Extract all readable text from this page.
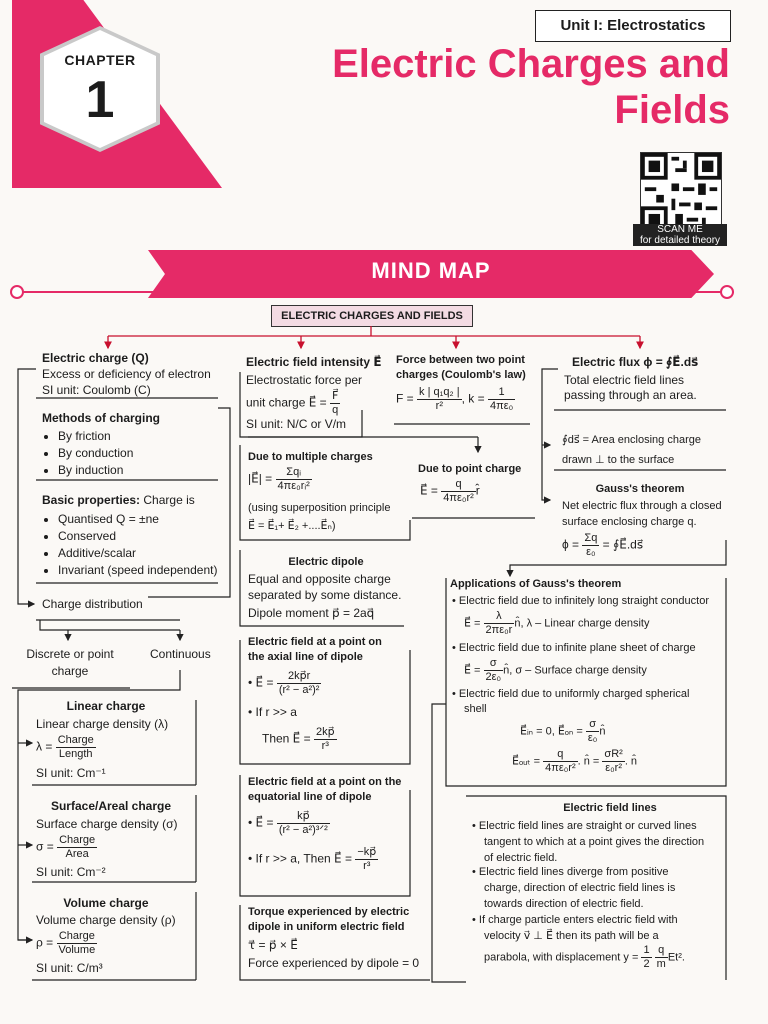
CHAPTER
1
Unit I: Electrostatics
Electric Charges and
Fields
SCAN ME
for detailed theory
MIND MAP
ELECTRIC CHARGES AND FIELDS
Electric charge (Q)
Excess or deficiency of electron
SI unit: Coulomb (C)
Methods of charging
• By friction
• By conduction
• By induction
Basic properties: Charge is
• Quantised Q = ±ne
• Conserved
• Additive/scalar
• Invariant (speed independent)
Charge distribution
Discrete or point
charge
Continuous
Linear charge
Linear charge density (λ)
$\lambda = \frac{\text{Charge}}{\text{Length}}$
SI unit: Cm⁻¹
Surface/Areal charge
Surface charge density (σ)
$\sigma = \frac{\text{Charge}}{\text{Area}}$
SI unit: Cm⁻²
Volume charge
Volume charge density (ρ)
$\rho = \frac{\text{Charge}}{\text{Volume}}$
SI unit: C/m³
Electric field intensity E⃗
Electrostatic force per
unit charge E⃗ = $\frac{F⃗}{q}$
SI unit: N/C or V/m
Force between two point
charges (Coulomb's law)
$F = \frac{\text{k | q₁q₂ |}}{\text{r²}}$ , $k = \frac{1}{\text{4πε₀}}$
Due to multiple charges
|E⃗| = $\frac{\text{Σqᵢ}}{\text{4πε₀rᵢ²}}$
(using superposition principle
E⃗ = E⃗₁+ E⃗₂ +....E⃗ₙ)
Due to point charge
E⃗ = $\frac{q}{\text{4πε₀r²}}$ r̂
Electric dipole
Equal and opposite charge
separated by some distance.
Dipole moment p⃗ = 2aq⃗
Electric field at a point on
the axial line of dipole
• E⃗ = $\frac{2kp⃗r}{\text{(r² − a²)²}}$
• If r >> a
Then E⃗ = $\frac{2kp⃗}{\text{r³}}$
Electric field at a point on the
equatorial line of dipole
• E⃗ = $\frac{kp⃗}{\text{(r² − a²)³ᐟ²}}$
• If r >> a, Then E⃗ = $\frac{-kp⃗}{\text{r³}}$
Torque experienced by electric
dipole in uniform electric field
τ⃗ = p⃗ × E⃗
Force experienced by dipole = 0
Electric flux ϕ = ∮E⃗.ds⃗
Total electric field lines
passing through an area.
∮ds⃗ = Area enclosing charge
drawn ⊥ to the surface
Gauss's theorem
Net electric flux through a closed
surface enclosing charge q.
$\phi = \frac{\Sigma q}{\text{ε₀}}$ = ∮E⃗.ds⃗
Applications of Gauss's theorem
• Electric field due to infinitely long straight conductor
E⃗ = $\frac{\lambda}{\text{2πε₀r}}$ n̂, λ – Linear charge density
• Electric field due to infinite plane sheet of charge
E⃗ = $\frac{\sigma}{\text{2ε₀}}$ n̂, σ – Surface charge density
• Electric field due to uniformly charged spherical
shell
E⃗ᵢₙ = 0, E⃗ₒₙ = $\frac{\sigma}{\text{ε₀}}$ n̂
E⃗ₒᵤₜ = $\frac{q}{\text{4πε₀r²}}$ . n̂ = $\frac{\text{σR²}}{\text{ε₀r²}}$ . n̂
Electric field lines
• Electric field lines are straight or curved lines
tangent to which at a point gives the direction
of electric field.
• Electric field lines diverge from positive
charge, direction of electric field lines is
towards direction of electric field.
• If charge particle enters electric field with
velocity v⃗ ⊥ E⃗ then its path will be a
parabola, with displacement $y = \frac{1}{2}$
$\frac{q}{m} Et^2$.
